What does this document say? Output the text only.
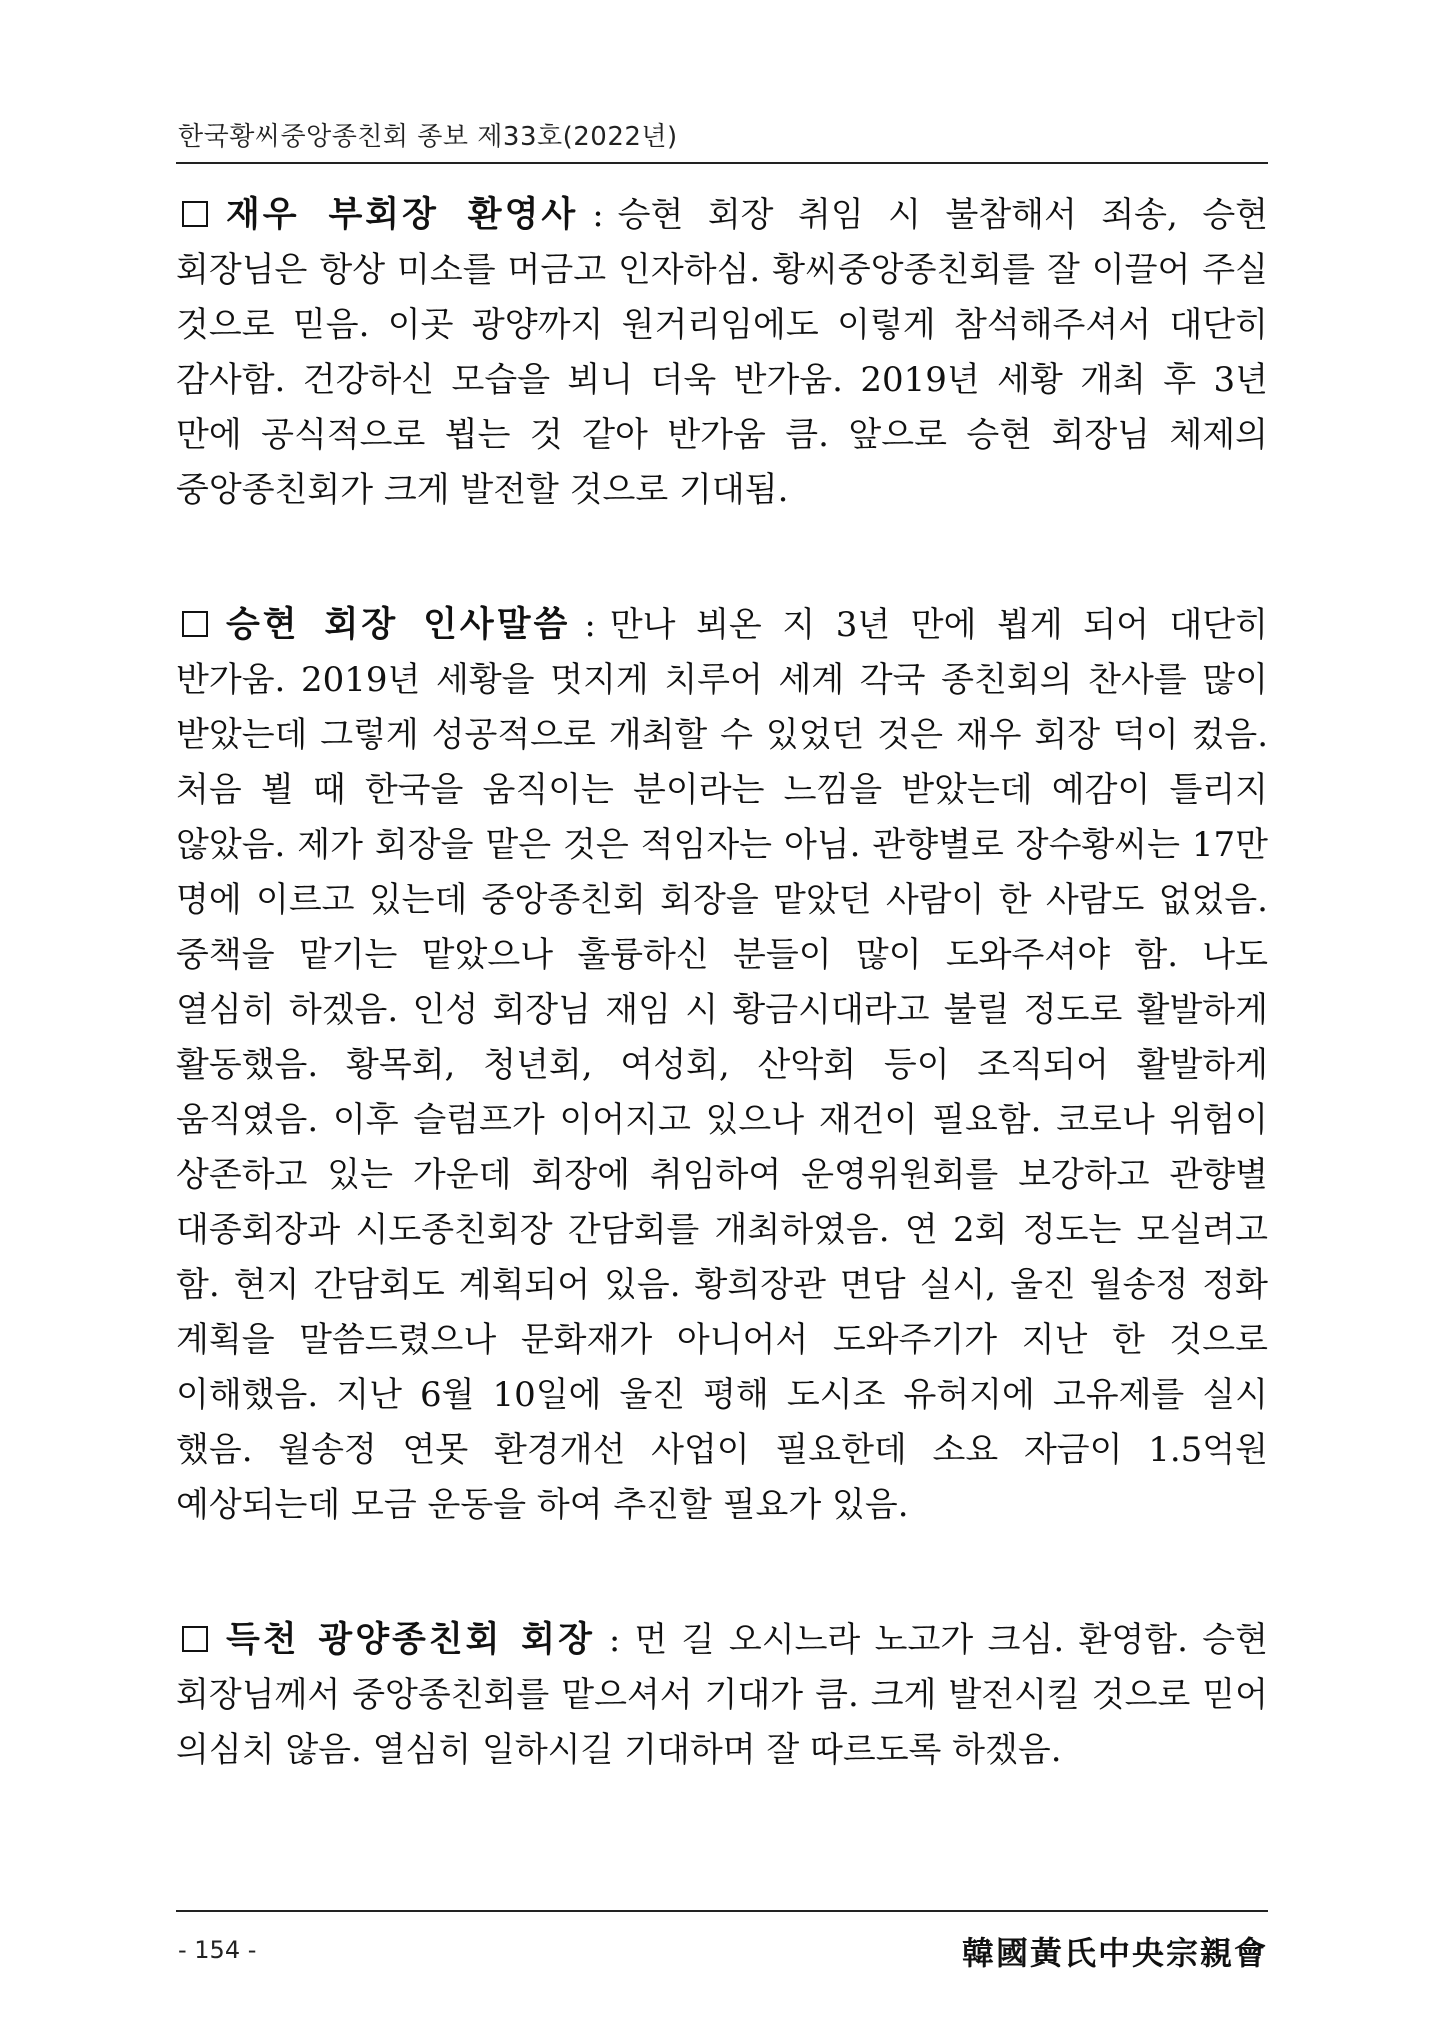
한국황씨중앙종친회 종보 제33호(2022년)

재우 부회장 환영사 : 승현 회장 취임 시 불참해서 죄송, 승현 회장님은 항상 미소를 머금고 인자하심. 황씨중앙종친회를 잘 이끌어 주실 것으로 믿음. 이곳 광양까지 원거리임에도 이렇게 참석해주셔서 대단히 감사함. 건강하신 모습을 뵈니 더욱 반가움. 2019년 세황 개최 후 3년 만에 공식적으로 뵙는 것 같아 반가움 큼. 앞으로 승현 회장님 체제의 중앙종친회가 크게 발전할 것으로 기대됨.

승현 회장 인사말씀 : 만나 뵈온 지 3년 만에 뵙게 되어 대단히 반가움. 2019년 세황을 멋지게 치루어 세계 각국 종친회의 찬사를 많이 받았는데 그렇게 성공적으로 개최할 수 있었던 것은 재우 회장 덕이 컸음. 처음 뵐 때 한국을 움직이는 분이라는 느낌을 받았는데 예감이 틀리지 않았음. 제가 회장을 맡은 것은 적임자는 아님. 관향별로 장수황씨는 17만 명에 이르고 있는데 중앙종친회 회장을 맡았던 사람이 한 사람도 없었음. 중책을 맡기는 맡았으나 훌륭하신 분들이 많이 도와주셔야 함. 나도 열심히 하겠음. 인성 회장님 재임 시 황금시대라고 불릴 정도로 활발하게 활동했음. 황목회, 청년회, 여성회, 산악회 등이 조직되어 활발하게 움직였음. 이후 슬럼프가 이어지고 있으나 재건이 필요함. 코로나 위험이 상존하고 있는 가운데 회장에 취임하여 운영위원회를 보강하고 관향별 대종회장과 시도종친회장 간담회를 개최하였음. 연 2회 정도는 모실려고 함. 현지 간담회도 계획되어 있음. 황희장관 면담 실시, 울진 월송정 정화 계획을 말씀드렸으나 문화재가 아니어서 도와주기가 지난 한 것으로 이해했음. 지난 6월 10일에 울진 평해 도시조 유허지에 고유제를 실시 했음. 월송정 연못 환경개선 사업이 필요한데 소요 자금이 1.5억원 예상되는데 모금 운동을 하여 추진할 필요가 있음.

득천 광양종친회 회장 : 먼 길 오시느라 노고가 크심. 환영함. 승현 회장님께서 중앙종친회를 맡으셔서 기대가 큼. 크게 발전시킬 것으로 믿어 의심치 않음. 열심히 일하시길 기대하며 잘 따르도록 하겠음.

- 154 -	韓國黃氏中央宗親會
